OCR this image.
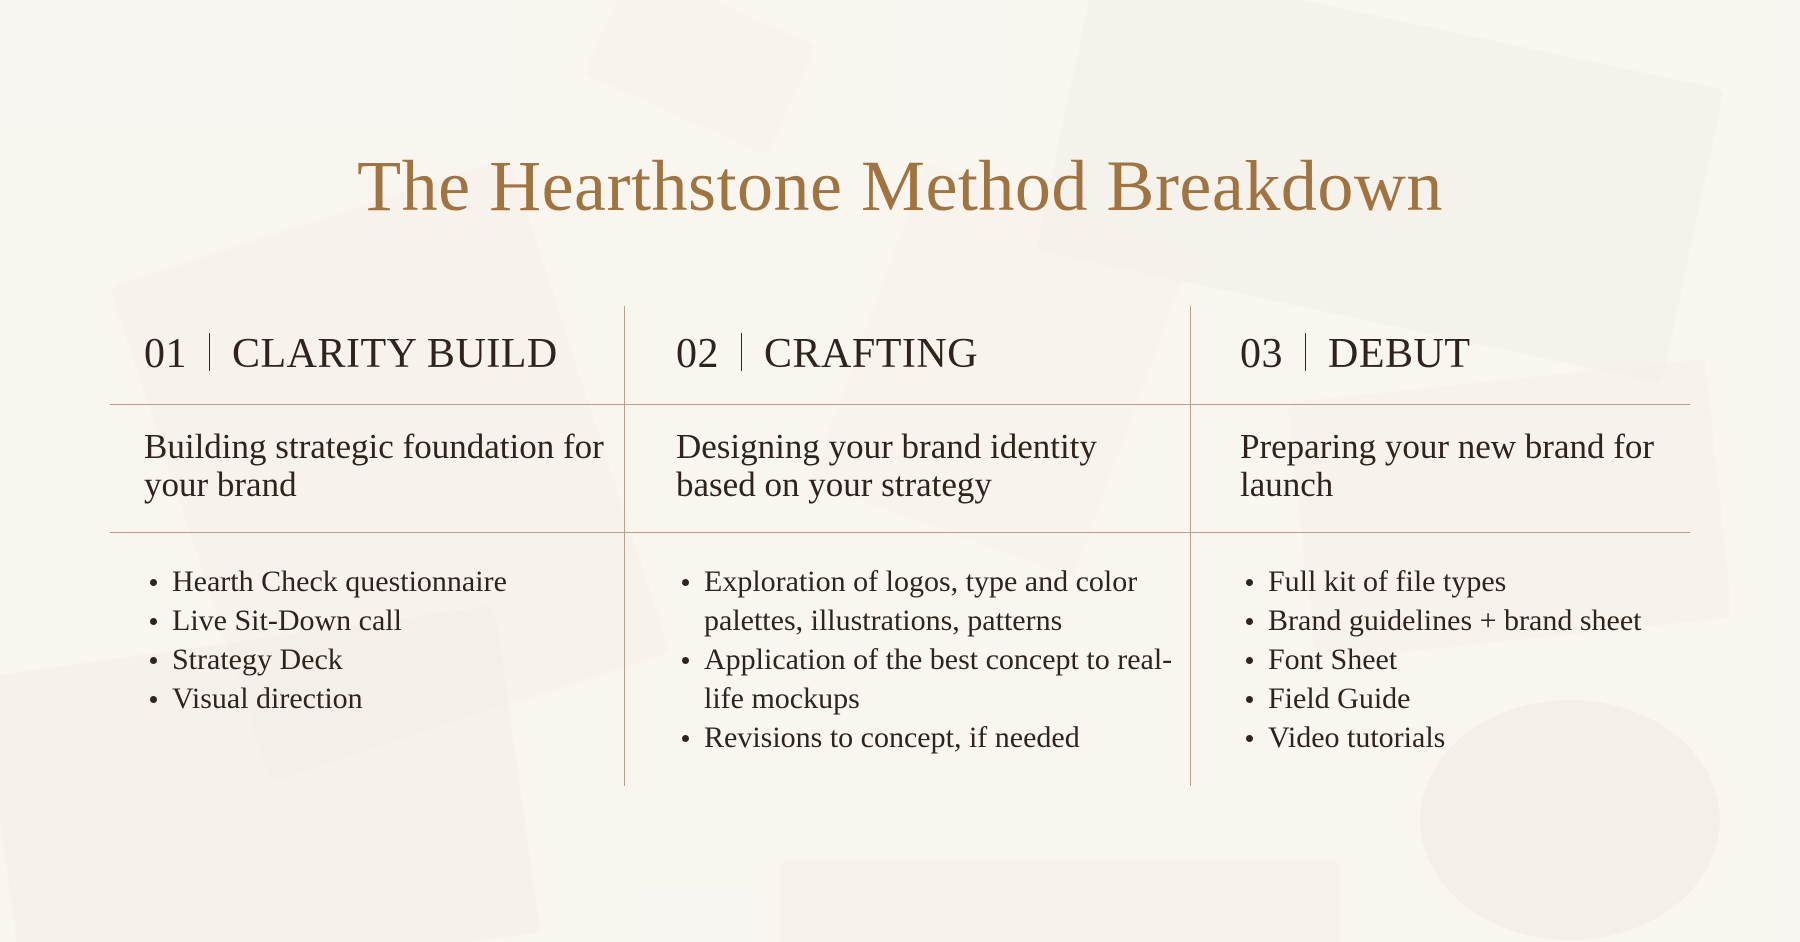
The Hearthstone Method Breakdown
01 CLARITY BUILD

Building strategic foundation for your brand

Hearth Check questionnaire
Live Sit-Down call
Strategy Deck
Visual direction
02 CRAFTING

Designing your brand identity based on your strategy

Exploration of logos, type and color palettes, illustrations, patterns
Application of the best concept to real-life mockups
Revisions to concept, if needed
03 DEBUT

Preparing your new brand for launch

Full kit of file types
Brand guidelines + brand sheet
Font Sheet
Field Guide
Video tutorials
